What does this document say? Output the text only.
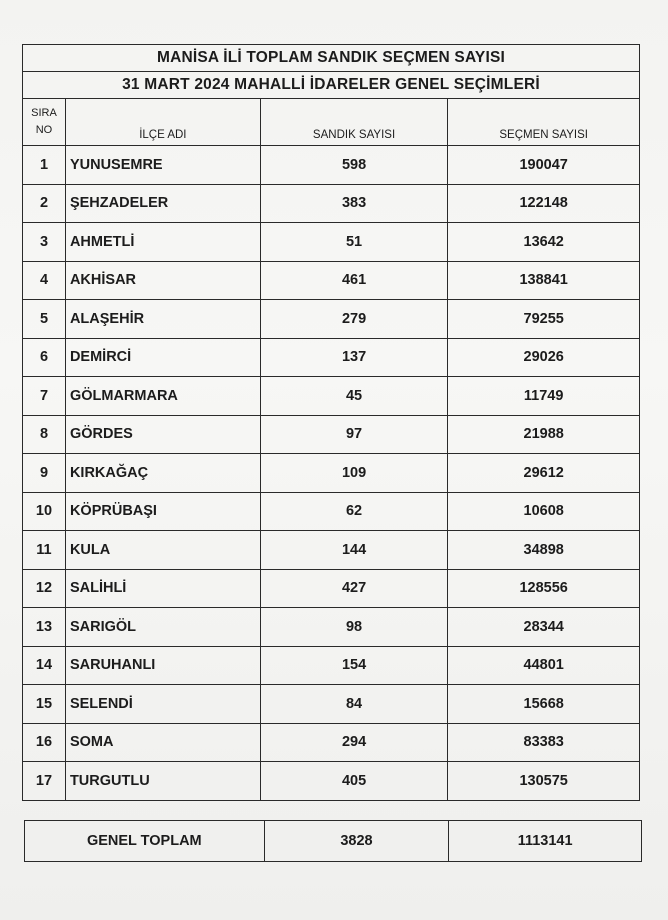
MANİSA İLİ TOPLAM SANDIK SEÇMEN SAYISI			
31 MART 2024 MAHALLİ İDARELER GENEL SEÇİMLERİ			
SIRA
NO	İLÇE ADI	SANDIK SAYISI	SEÇMEN SAYISI
1	YUNUSEMRE	598	190047
2	ŞEHZADELER	383	122148
3	AHMETLİ	51	13642
4	AKHİSAR	461	138841
5	ALAŞEHİR	279	79255
6	DEMİRCİ	137	29026
7	GÖLMARMARA	45	11749
8	GÖRDES	97	21988
9	KIRKAĞAÇ	109	29612
10	KÖPRÜBAŞI	62	10608
11	KULA	144	34898
12	SALİHLİ	427	128556
13	SARIGÖL	98	28344
14	SARUHANLI	154	44801
15	SELENDİ	84	15668
16	SOMA	294	83383
17	TURGUTLU	405	130575
GENEL TOPLAM	3828	1113141
